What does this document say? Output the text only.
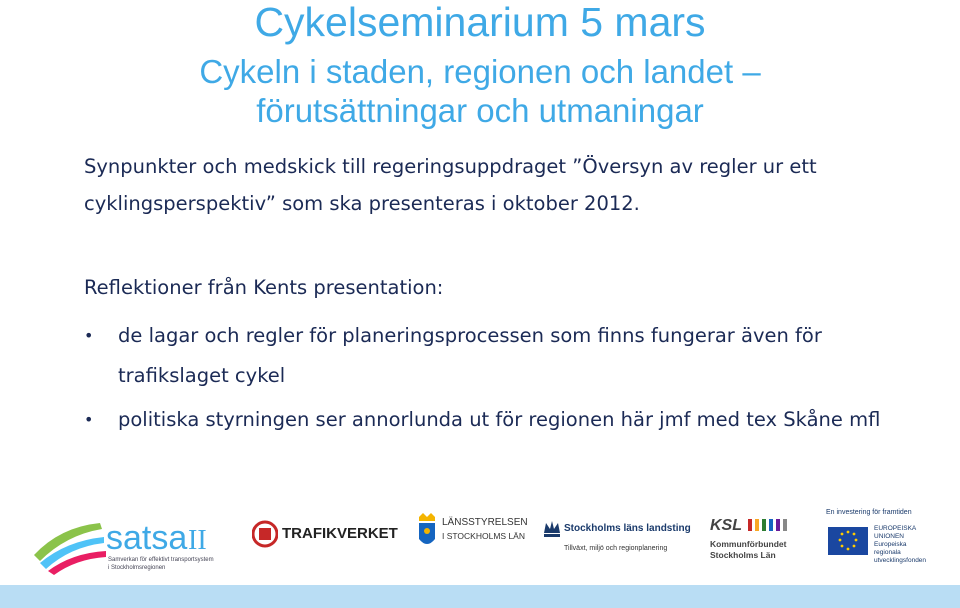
Cykelseminarium 5 mars
Cykeln i staden, regionen och landet –
förutsättningar och utmaningar
Synpunkter och medskick till regeringsuppdraget ”Översyn av regler ur ett cyklingsperspektiv” som ska presenteras i oktober 2012.
Reflektioner från Kents presentation:
• de lagar och regler för planeringsprocessen som finns fungerar även för trafikslaget cykel
• politiska styrningen ser annorlunda ut för regionen här jmf med tex Skåne mfl
satsa II
Samverkan för effektivt transportsystem
i Stockholmsregionen
TRAFIKVERKET
LÄNSSTYRELSEN
I STOCKHOLMS LÄN
Stockholms läns landsting
Tillväxt, miljö och regionplanering
KSL
Kommunförbundet
Stockholms Län
En investering för framtiden
EUROPEISKA
UNIONEN
Europeiska
regionala
utvecklingsfonden
